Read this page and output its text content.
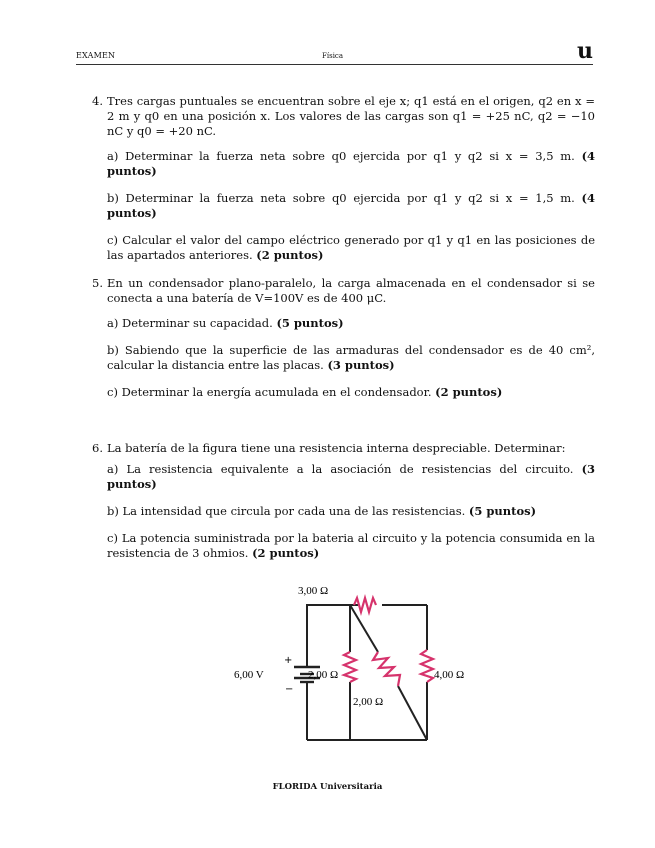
EXAMEN	Física	u
4. Tres cargas puntuales se encuentran sobre el eje x; q1 está en el origen, q2 en x = 2 m y q0 en una posición x. Los valores de las cargas son q1 = +25 nC, q2 = −10 nC y q0 = +20 nC.
a) Determinar la fuerza neta sobre q0 ejercida por q1 y q2 si x = 3,5 m. (4 puntos)
b) Determinar la fuerza neta sobre q0 ejercida por q1 y q2 si x = 1,5 m. (4 puntos)
c) Calcular el valor del campo eléctrico generado por q1 y q1 en las posiciones de las apartados anteriores. (2 puntos)
5. En un condensador plano-paralelo, la carga almacenada en el condensador si se conecta a una batería de V=100V es de 400 μC.
a) Determinar su capacidad. (5 puntos)
b) Sabiendo que la superficie de las armaduras del condensador es de 40 cm², calcular la distancia entre las placas. (3 puntos)
c) Determinar la energía acumulada en el condensador. (2 puntos)
6. La batería de la figura tiene una resistencia interna despreciable. Determinar:
a) La resistencia equivalente a la asociación de resistencias del circuito. (3 puntos)
b) La intensidad que circula por cada una de las resistencias. (5 puntos)
c) La potencia suministrada por la bateria al circuito y la potencia consumida en la resistencia de 3 ohmios. (2 puntos)
+
−
3,00 Ω
2,00 Ω
2,00 Ω
4,00 Ω
6,00 V
FLORIDA Universitaria
